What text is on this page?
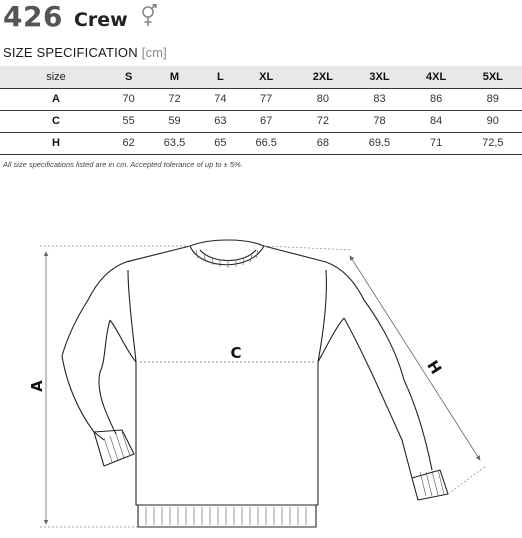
426 Crew
SIZE SPECIFICATION [cm]
size	S	M	L	XL	2XL	3XL	4XL	5XL
A	70	72	74	77	80	83	86	89
C	55	59	63	67	72	78	84	90
H	62	63.5	65	66.5	68	69.5	71	72,5
All size specifications listed are in cm. Accepted tolerance of up to ± 5%.
A
C
H
